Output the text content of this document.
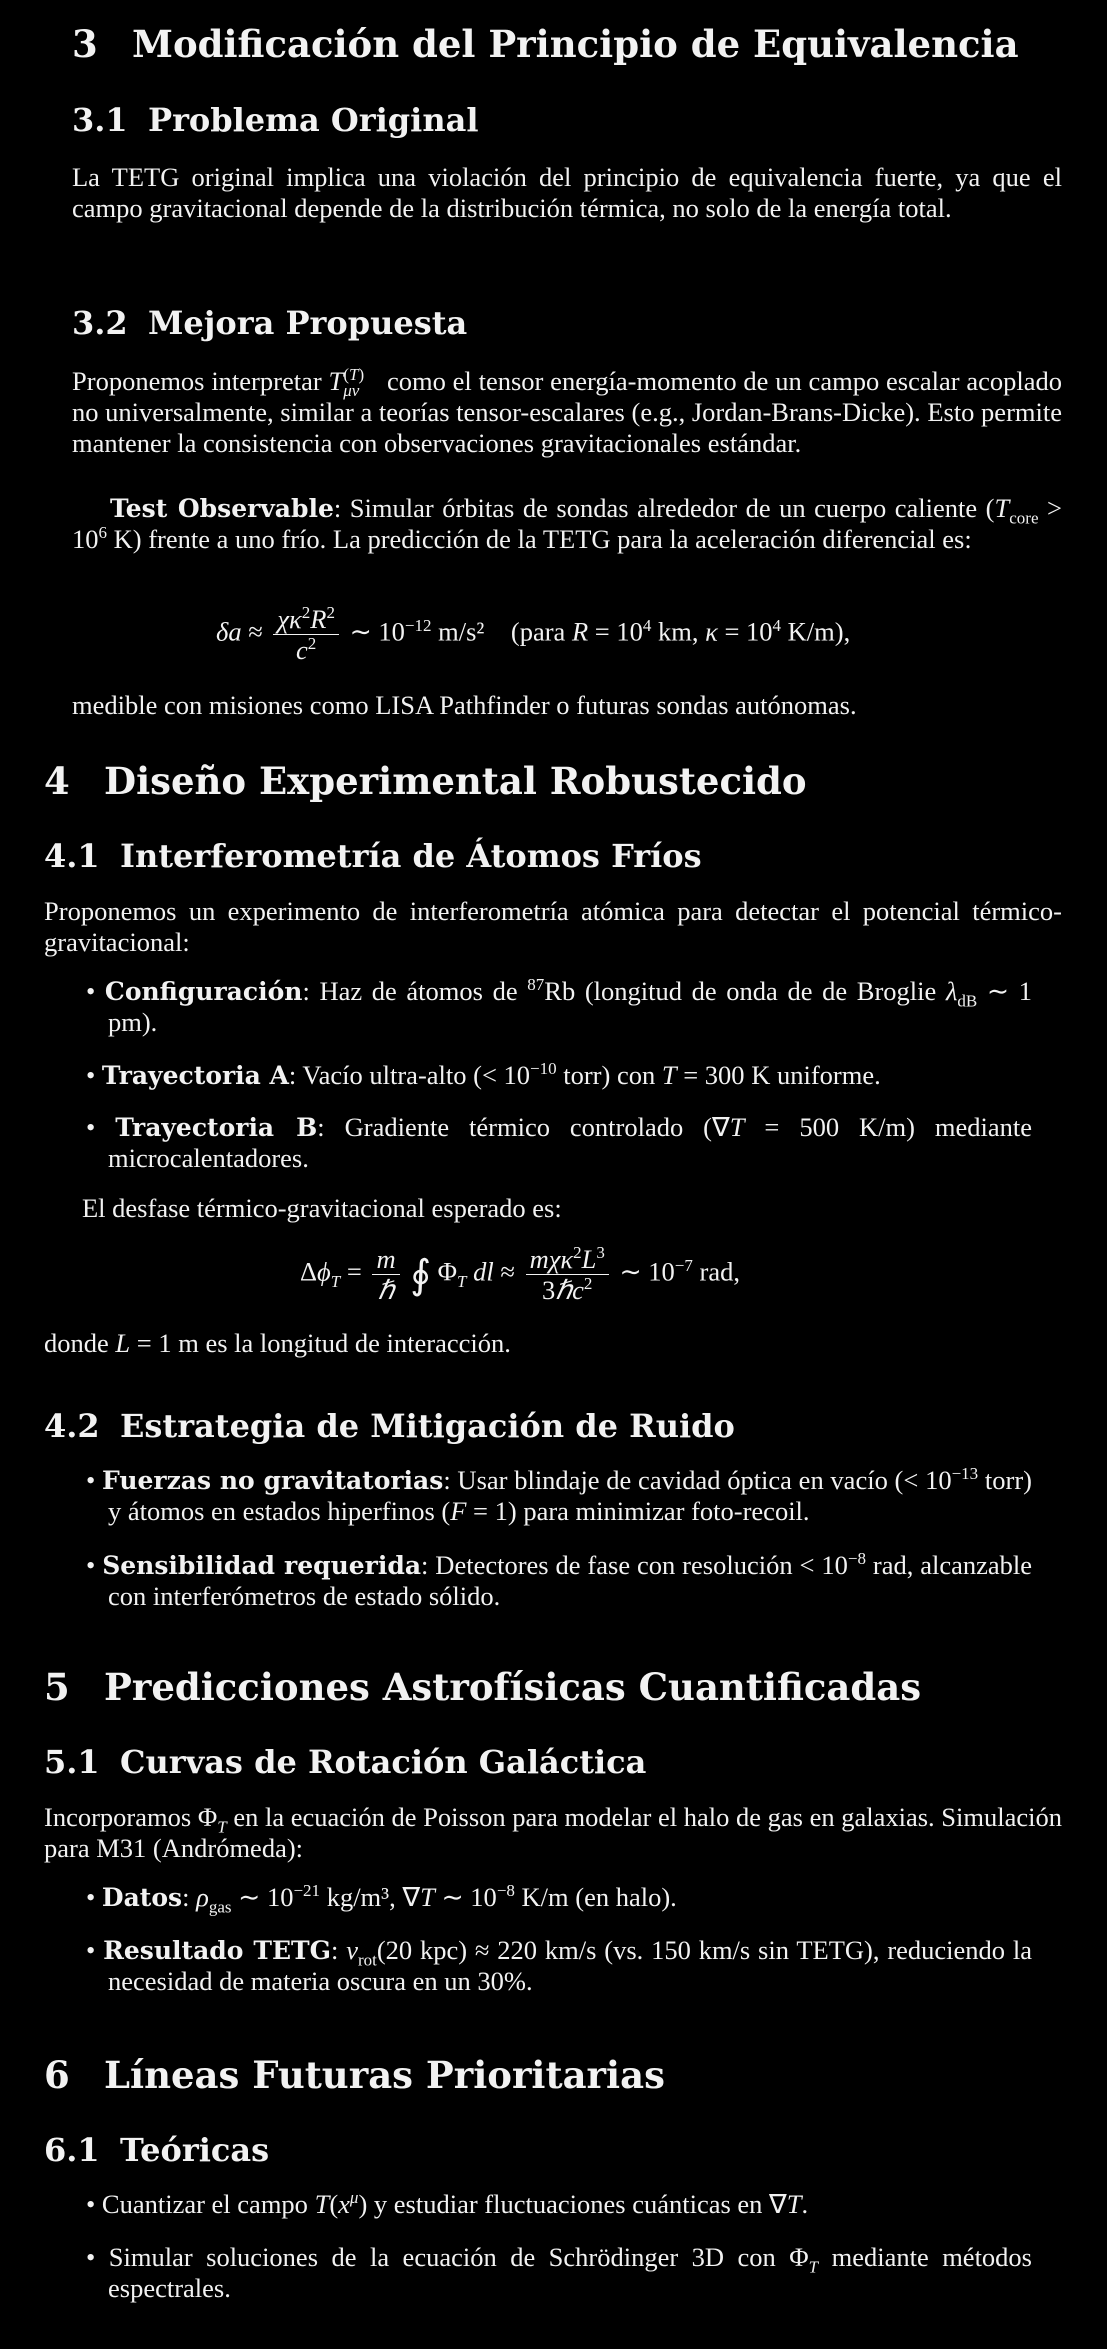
3 Modificación del Principio de Equivalencia
3.1 Problema Original

La TETG original implica una violación del principio de equivalencia fuerte, ya que el campo gravitacional depende de la distribución térmica, no solo de la energía total.

3.2 Mejora Propuesta

Proponemos interpretar $T_{\mu\nu}^{(T)}$ como el tensor energía-momento de un campo escalar acoplado no universalmente, similar a teorías tensor-escalares (e.g., Jordan-Brans-Dicke). Esto permite mantener la consistencia con observaciones gravitacionales estándar.

Test Observable: Simular órbitas de sondas alrededor de un cuerpo caliente ($T_{core} > 10^6$ K) frente a uno frío. La predicción de la TETG para la aceleración diferencial es:

$\delta a \approx \frac{\chi\kappa^2R^2}{c^2}$ ∼ $10^{-12}$ m/s² (para $R = 10^4$ km, $\kappa = 10^4$ K/m),

medible con misiones como LISA Pathfinder o futuras sondas autónomas.

4 Diseño Experimental Robustecido
4.1 Interferometría de Átomos Fríos

Proponemos un experimento de interferometría atómica para detectar el potencial térmico-gravitacional:

• Configuración: Haz de átomos de $^{87}$Rb (longitud de onda de de Broglie $\lambda_{dB}$ ∼ 1 pm).

• Trayectoria A: Vacío ultra-alto (< $10^{-10}$ torr) con T = 300 K uniforme.

• Trayectoria B: Gradiente térmico controlado (∇T = 500 K/m) mediante microcalentadores.

El desfase térmico-gravitacional esperado es:

$\Delta\phi_T = \frac{m}{\text{ℏ}}$ ∮ $\Phi_T$ dl ≈ $\frac{m\chi\kappa^2L^3}{3\hbar c^2}$ ∼ $10^{-7}$ rad,

donde L = 1 m es la longitud de interacción.

4.2 Estrategia de Mitigación de Ruido

• Fuerzas no gravitatorias: Usar blindaje de cavidad óptica en vacío (< $10^{-13}$ torr) y átomos en estados hiperfinos (F = 1) para minimizar foto-recoil.

• Sensibilidad requerida: Detectores de fase con resolución < $10^{-8}$ rad, alcanzable con interferómetros de estado sólido.

5 Predicciones Astrofísicas Cuantificadas
5.1 Curvas de Rotación Galáctica

Incorporamos $\Phi_T$ en la ecuación de Poisson para modelar el halo de gas en galaxias. Simulación para M31 (Andrómeda):

• Datos: $\rho_{gas}$ ∼ $10^{-21}$ kg/m³, ∇T ∼ $10^{-8}$ K/m (en halo).

• Resultado TETG: $v_{rot}(20$ kpc) ≈ 220 km/s (vs. 150 km/s sin TETG), reduciendo la necesidad de materia oscura en un 30%.

6 Líneas Futuras Prioritarias
6.1 Teóricas

• Cuantizar el campo $T(x^\mu)$ y estudiar fluctuaciones cuánticas en ∇T.

• Simular soluciones de la ecuación de Schrödinger 3D con $\Phi_T$ mediante métodos espectrales.
